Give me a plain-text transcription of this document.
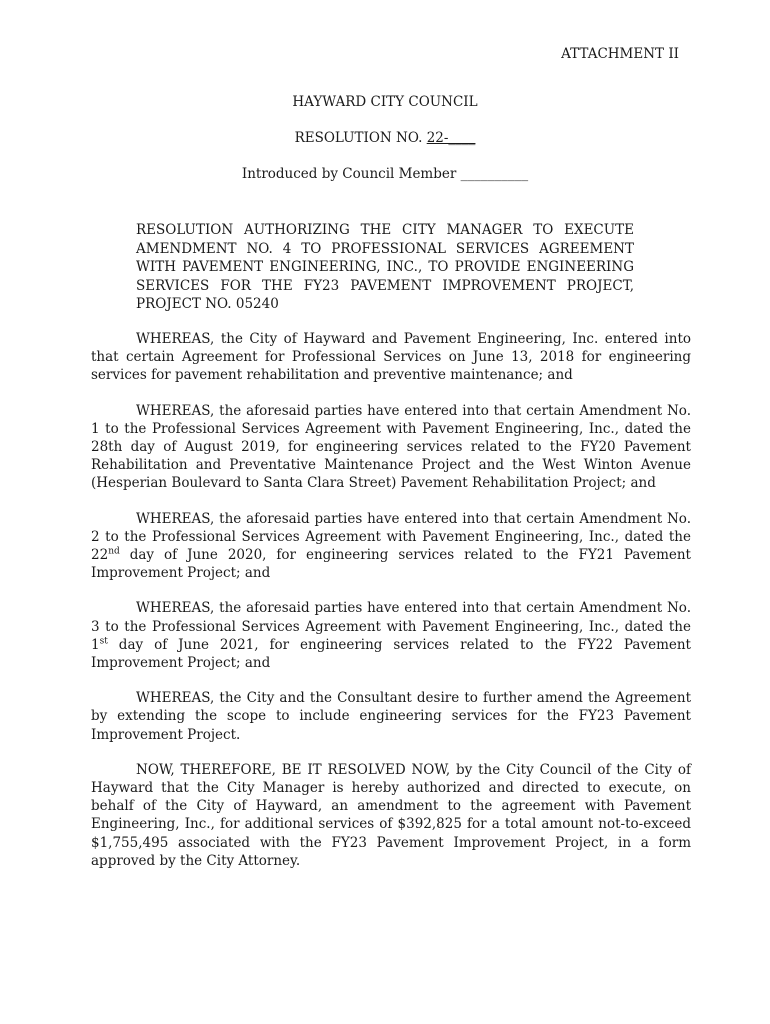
ATTACHMENT II
HAYWARD CITY COUNCIL
RESOLUTION NO. 22-____
Introduced by Council Member __________
RESOLUTION AUTHORIZING THE CITY MANAGER TO EXECUTE AMENDMENT NO. 4 TO PROFESSIONAL SERVICES AGREEMENT WITH PAVEMENT ENGINEERING, INC., TO PROVIDE ENGINEERING SERVICES FOR THE FY23 PAVEMENT IMPROVEMENT PROJECT, PROJECT NO. 05240

WHEREAS, the City of Hayward and Pavement Engineering, Inc. entered into that certain Agreement for Professional Services on June 13, 2018 for engineering services for pavement rehabilitation and preventive maintenance; and

WHEREAS, the aforesaid parties have entered into that certain Amendment No. 1 to the Professional Services Agreement with Pavement Engineering, Inc., dated the 28th day of August 2019, for engineering services related to the FY20 Pavement Rehabilitation and Preventative Maintenance Project and the West Winton Avenue (Hesperian Boulevard to Santa Clara Street) Pavement Rehabilitation Project; and

WHEREAS, the aforesaid parties have entered into that certain Amendment No. 2 to the Professional Services Agreement with Pavement Engineering, Inc., dated the 22nd day of June 2020, for engineering services related to the FY21 Pavement Improvement Project; and

WHEREAS, the aforesaid parties have entered into that certain Amendment No. 3 to the Professional Services Agreement with Pavement Engineering, Inc., dated the 1st day of June 2021, for engineering services related to the FY22 Pavement Improvement Project; and

WHEREAS, the City and the Consultant desire to further amend the Agreement by extending the scope to include engineering services for the FY23 Pavement Improvement Project.

NOW, THEREFORE, BE IT RESOLVED NOW, by the City Council of the City of Hayward that the City Manager is hereby authorized and directed to execute, on behalf of the City of Hayward, an amendment to the agreement with Pavement Engineering, Inc., for additional services of $392,825 for a total amount not-to-exceed $1,755,495 associated with the FY23 Pavement Improvement Project, in a form approved by the City Attorney.
